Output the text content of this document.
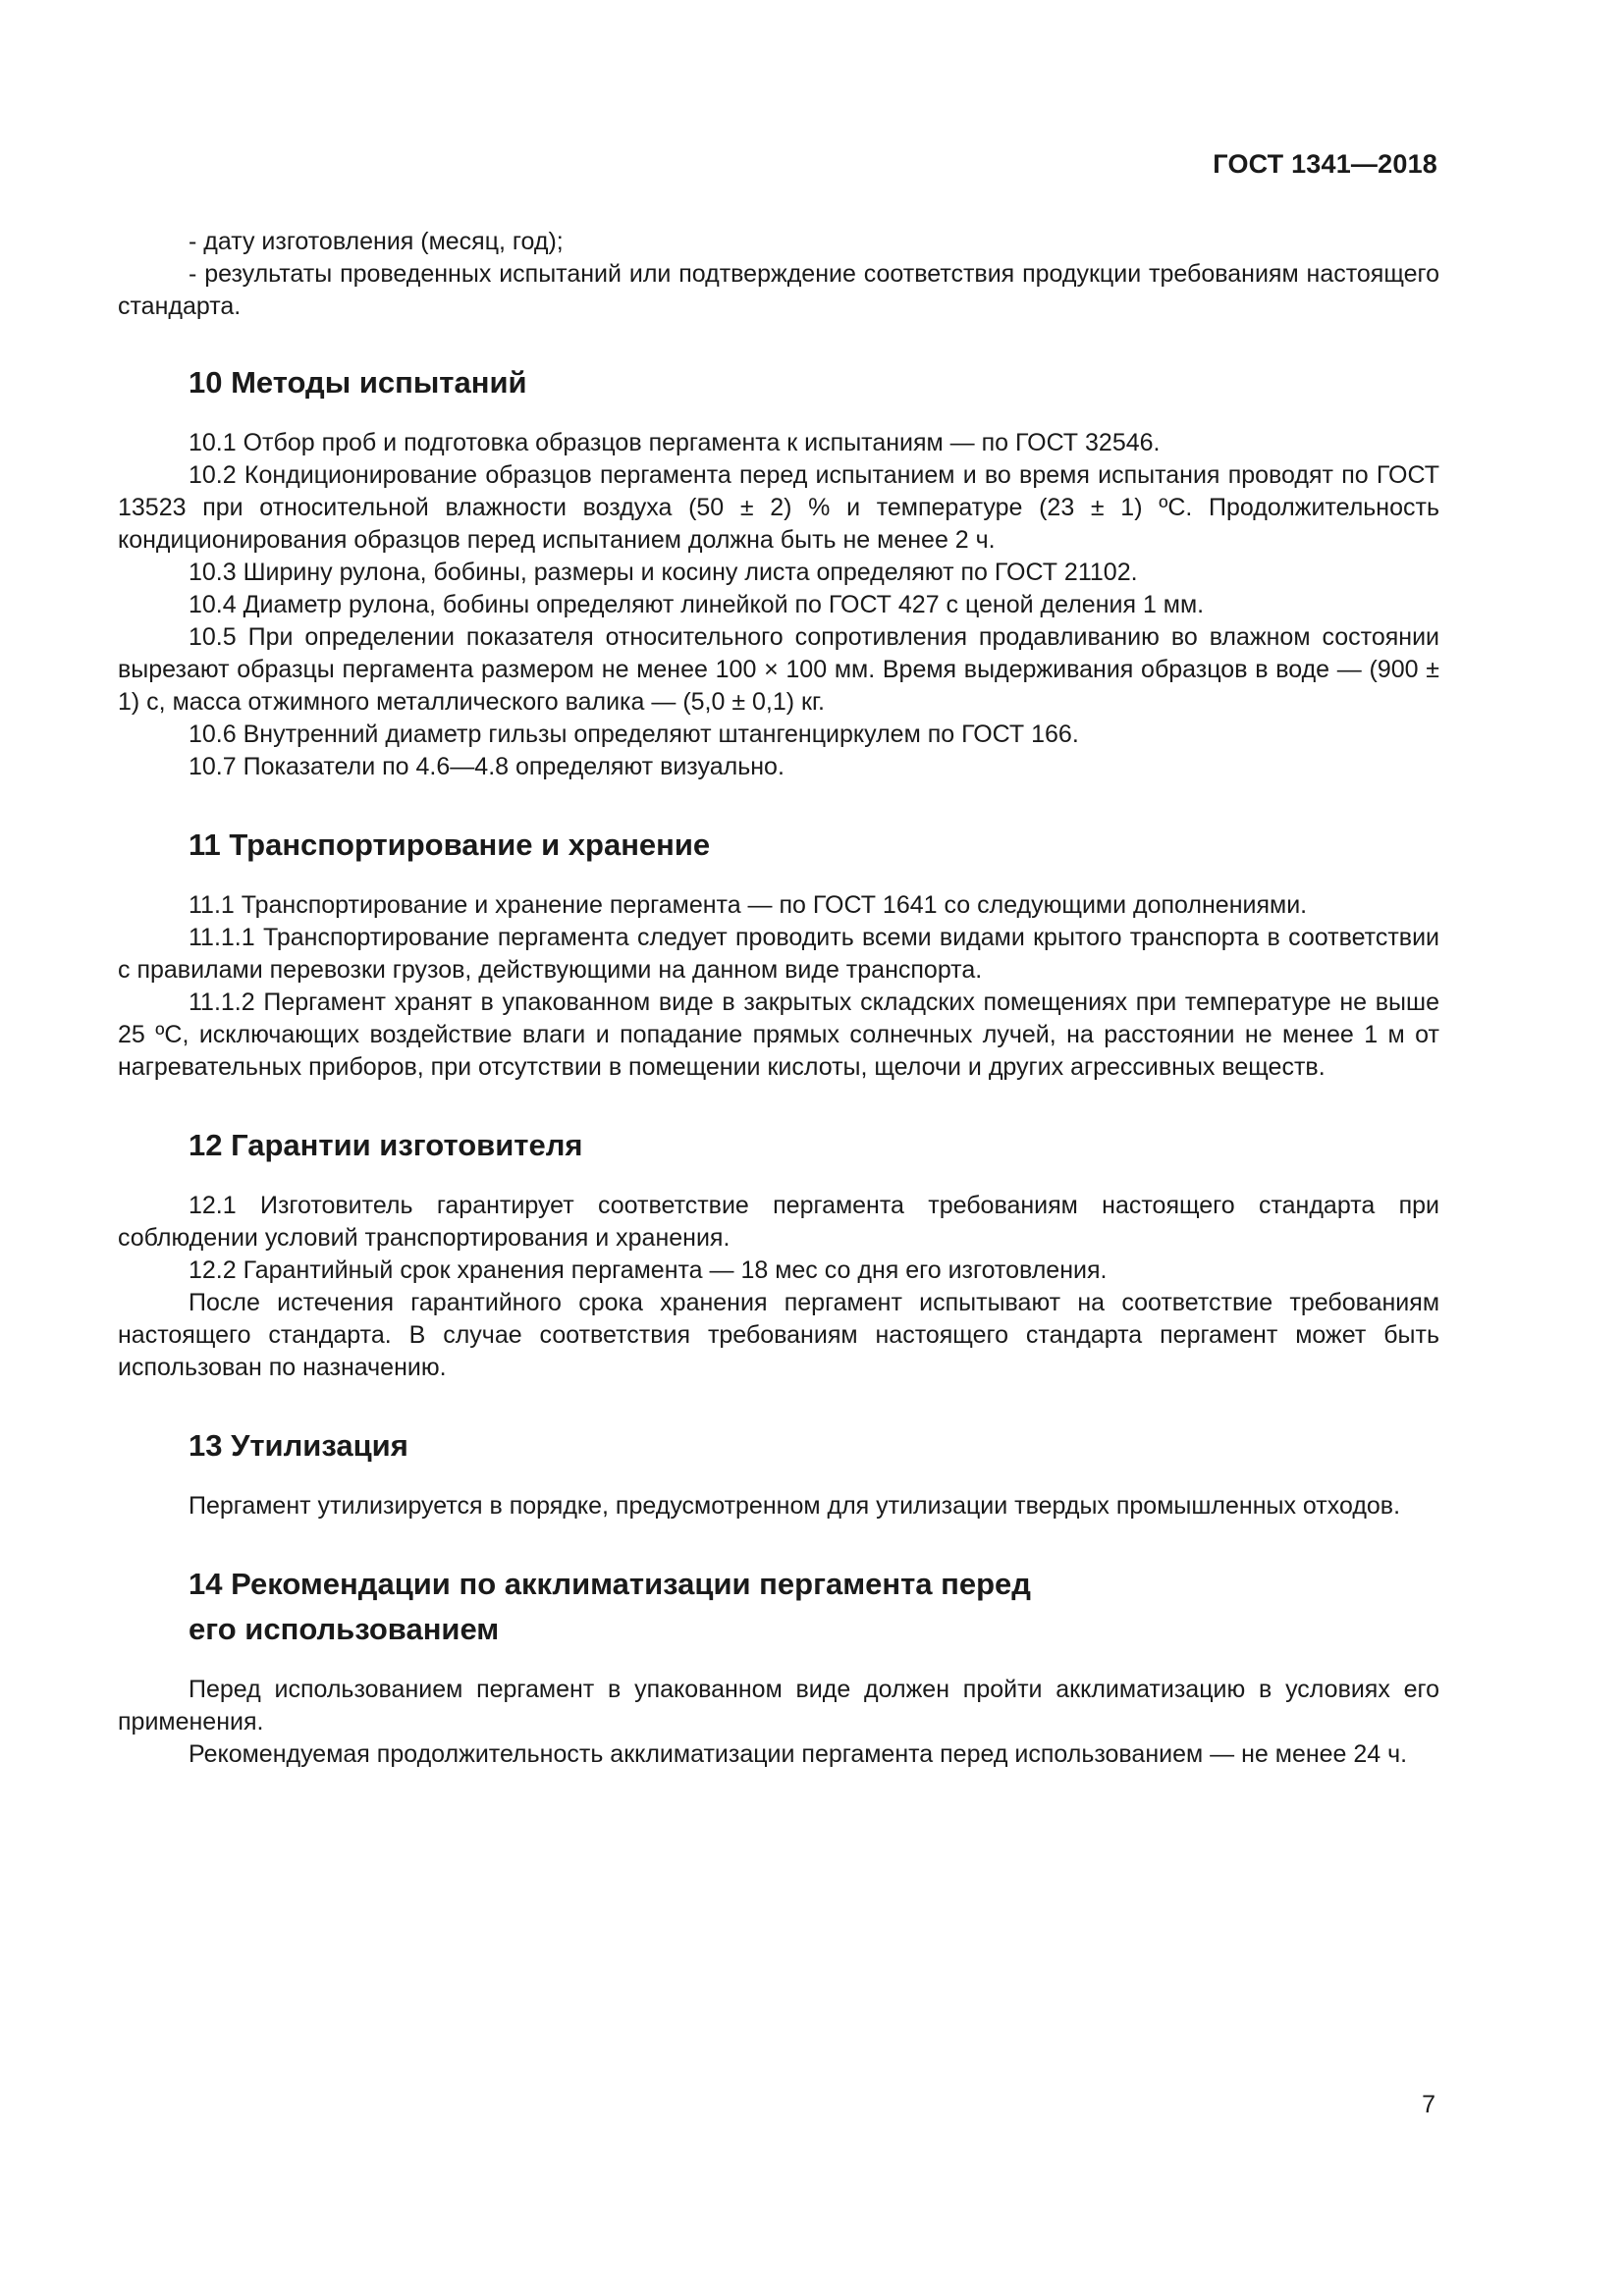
ГОСТ 1341—2018

- дату изготовления (месяц, год);

- результаты проведенных испытаний или подтверждение соответствия продукции требованиям настоящего стандарта.

10 Методы испытаний

10.1 Отбор проб и подготовка образцов пергамента к испытаниям — по ГОСТ 32546.

10.2 Кондиционирование образцов пергамента перед испытанием и во время испытания проводят по ГОСТ 13523 при относительной влажности воздуха (50 ± 2) % и температуре (23 ± 1) ºС. Продолжительность кондиционирования образцов перед испытанием должна быть не менее 2 ч.

10.3 Ширину рулона, бобины, размеры и косину листа определяют по ГОСТ 21102.

10.4 Диаметр рулона, бобины определяют линейкой по ГОСТ 427 с ценой деления 1 мм.

10.5 При определении показателя относительного сопротивления продавливанию во влажном состоянии вырезают образцы пергамента размером не менее 100 × 100 мм. Время выдерживания образцов в воде — (900 ± 1) с, масса отжимного металлического валика — (5,0 ± 0,1) кг.

10.6 Внутренний диаметр гильзы определяют штангенциркулем по ГОСТ 166.

10.7 Показатели по 4.6—4.8 определяют визуально.

11 Транспортирование и хранение

11.1 Транспортирование и хранение пергамента — по ГОСТ 1641 со следующими дополнениями.

11.1.1 Транспортирование пергамента следует проводить всеми видами крытого транспорта в соответствии с правилами перевозки грузов, действующими на данном виде транспорта.

11.1.2 Пергамент хранят в упакованном виде в закрытых складских помещениях при температуре не выше 25 ºС, исключающих воздействие влаги и попадание прямых солнечных лучей, на расстоянии не менее 1 м от нагревательных приборов, при отсутствии в помещении кислоты, щелочи и других агрессивных веществ.

12 Гарантии изготовителя

12.1 Изготовитель гарантирует соответствие пергамента требованиям настоящего стандарта при соблюдении условий транспортирования и хранения.

12.2 Гарантийный срок хранения пергамента — 18 мес со дня его изготовления.

После истечения гарантийного срока хранения пергамент испытывают на соответствие требованиям настоящего стандарта. В случае соответствия требованиям настоящего стандарта пергамент может быть использован по назначению.

13 Утилизация

Пергамент утилизируется в порядке, предусмотренном для утилизации твердых промышленных отходов.

14 Рекомендации по акклиматизации пергамента перед
его использованием

Перед использованием пергамент в упакованном виде должен пройти акклиматизацию в условиях его применения.

Рекомендуемая продолжительность акклиматизации пергамента перед использованием — не менее 24 ч.

7
